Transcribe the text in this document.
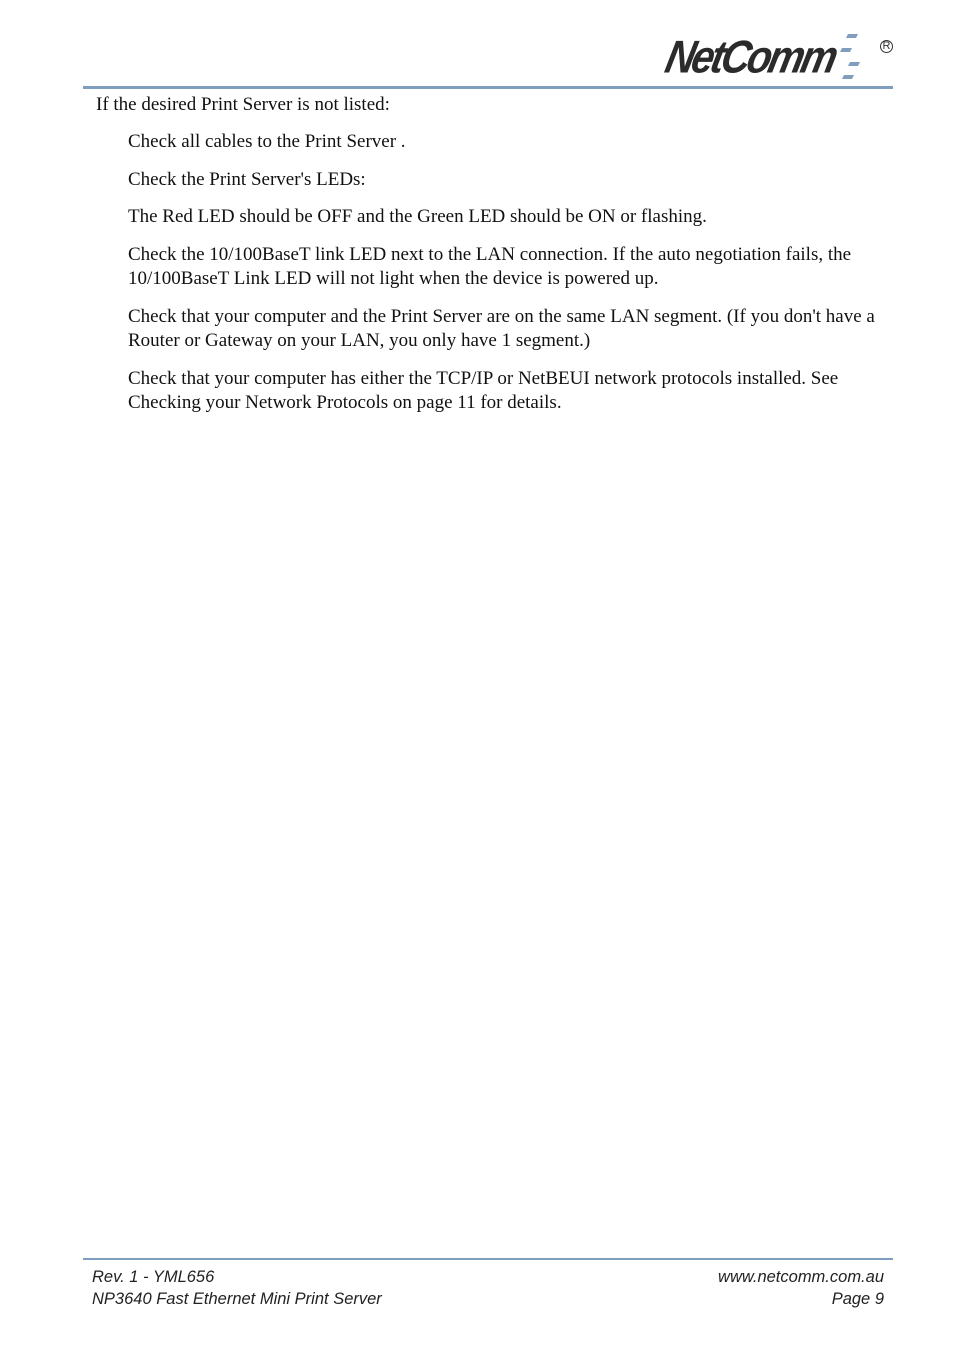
NetComm	R
If the desired Print Server is not listed:
Check all cables to the Print Server .
Check the Print Server's LEDs:
The Red LED should be OFF and the Green LED should be ON or flashing.
Check the 10/100BaseT link LED next to the LAN connection. If the auto negotiation fails, the 10/100BaseT Link LED will not light when the device is powered up.
Check that your computer and the Print Server are on the same LAN segment. (If you don't have a Router or Gateway on your LAN, you only have 1 segment.)
Check that your computer has either the TCP/IP or NetBEUI network protocols installed. See Checking your Network Protocols on page 11 for details.
Rev. 1 - YML656
NP3640 Fast Ethernet Mini Print Server
www.netcomm.com.au
Page 9
